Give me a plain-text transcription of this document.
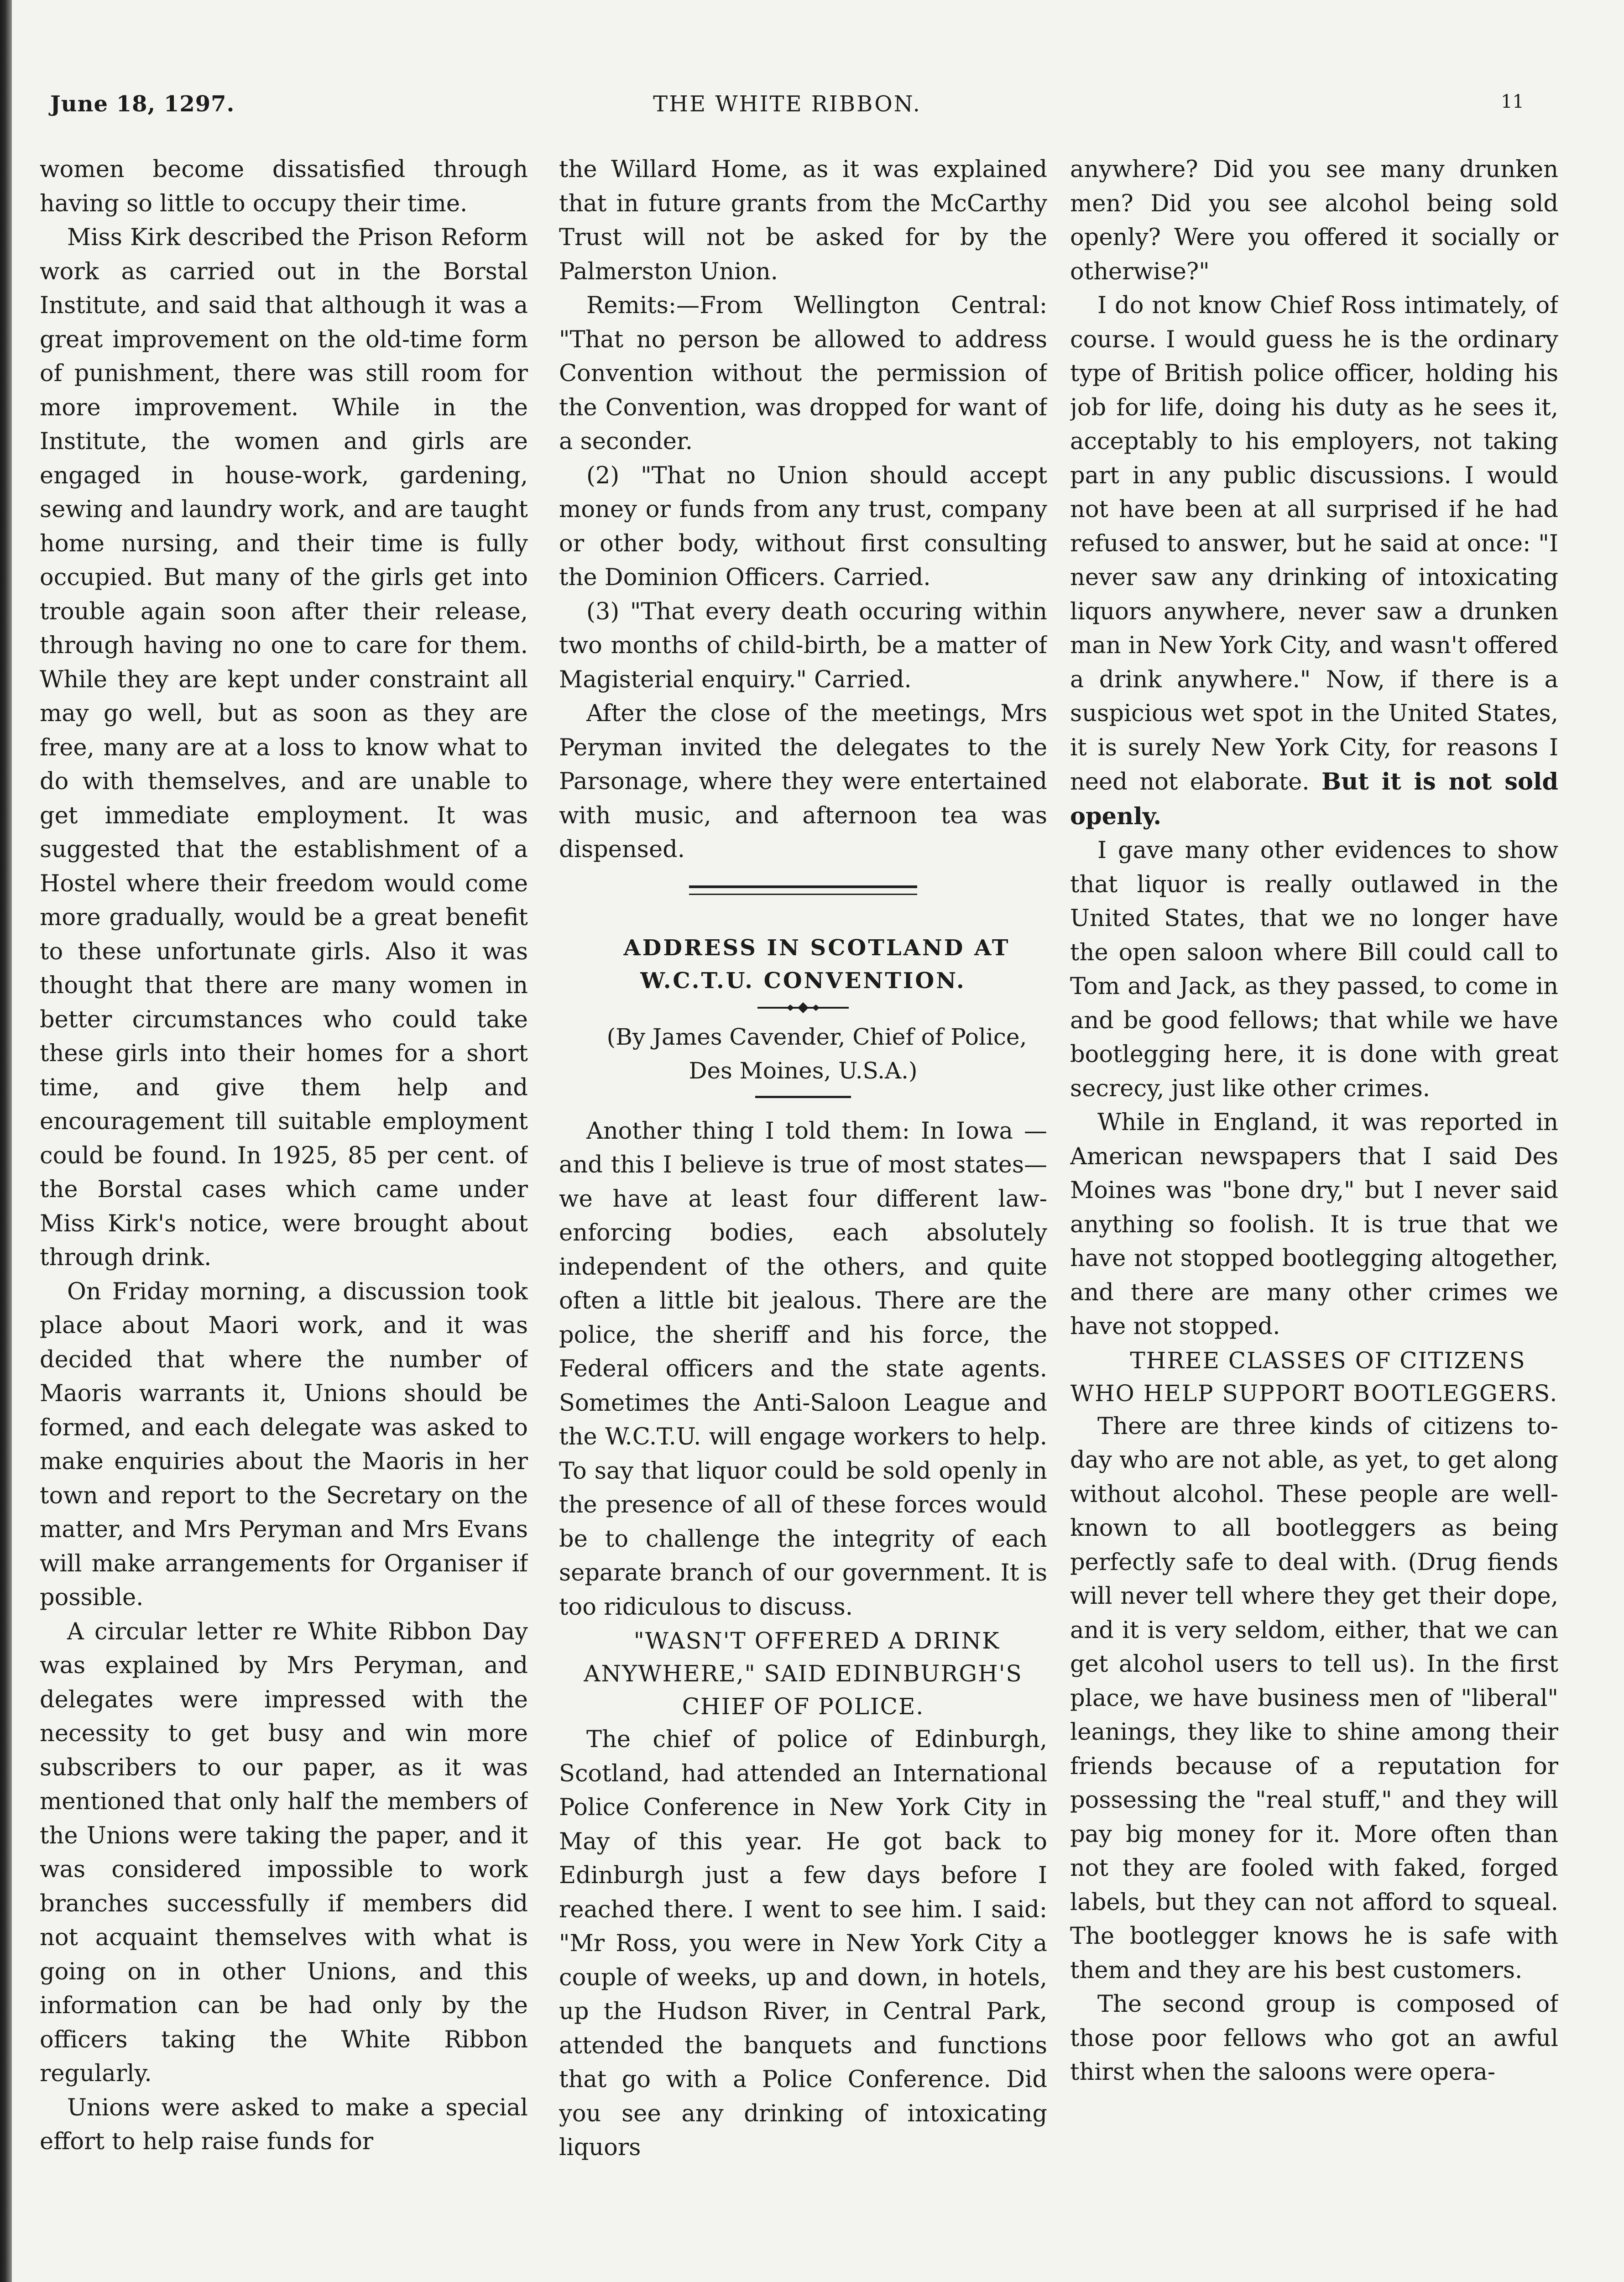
June 18, 1297.	THE WHITE RIBBON.	11

women become dissatisfied through having so little to occupy their time.

Miss Kirk described the Prison Reform work as carried out in the Borstal Institute, and said that although it was a great improvement on the old-time form of punishment, there was still room for more improvement. While in the Institute, the women and girls are engaged in house-work, gardening, sewing and laundry work, and are taught home nursing, and their time is fully occupied. But many of the girls get into trouble again soon after their release, through having no one to care for them. While they are kept under constraint all may go well, but as soon as they are free, many are at a loss to know what to do with themselves, and are unable to get immediate employment. It was suggested that the establishment of a Hostel where their freedom would come more gradually, would be a great benefit to these unfortunate girls. Also it was thought that there are many women in better circumstances who could take these girls into their homes for a short time, and give them help and encouragement till suitable employment could be found. In 1925, 85 per cent. of the Borstal cases which came under Miss Kirk's notice, were brought about through drink.

On Friday morning, a discussion took place about Maori work, and it was decided that where the number of Maoris warrants it, Unions should be formed, and each delegate was asked to make enquiries about the Maoris in her town and report to the Secretary on the matter, and Mrs Peryman and Mrs Evans will make arrangements for Organiser if possible.

A circular letter re White Ribbon Day was explained by Mrs Peryman, and delegates were impressed with the necessity to get busy and win more subscribers to our paper, as it was mentioned that only half the members of the Unions were taking the paper, and it was considered impossible to work branches successfully if members did not acquaint themselves with what is going on in other Unions, and this information can be had only by the officers taking the White Ribbon regularly.

Unions were asked to make a special effort to help raise funds for

the Willard Home, as it was explained that in future grants from the McCarthy Trust will not be asked for by the Palmerston Union.

Remits:—From Wellington Central: "That no person be allowed to address Convention without the permission of the Convention, was dropped for want of a seconder.

(2) "That no Union should accept money or funds from any trust, company or other body, without first consulting the Dominion Officers. Carried.

(3) "That every death occuring within two months of child-birth, be a matter of Magisterial enquiry." Carried.

After the close of the meetings, Mrs Peryman invited the delegates to the Parsonage, where they were entertained with music, and afternoon tea was dispensed.

ADDRESS IN SCOTLAND AT W.C.T.U. CONVENTION.

(By James Cavender, Chief of Police, Des Moines, U.S.A.)

Another thing I told them: In Iowa —and this I believe is true of most states—we have at least four different law-enforcing bodies, each absolutely independent of the others, and quite often a little bit jealous. There are the police, the sheriff and his force, the Federal officers and the state agents. Sometimes the Anti-Saloon League and the W.C.T.U. will engage workers to help. To say that liquor could be sold openly in the presence of all of these forces would be to challenge the integrity of each separate branch of our government. It is too ridiculous to discuss.

"WASN'T OFFERED A DRINK ANYWHERE," SAID EDINBURGH'S CHIEF OF POLICE.

The chief of police of Edinburgh, Scotland, had attended an International Police Conference in New York City in May of this year. He got back to Edinburgh just a few days before I reached there. I went to see him. I said: "Mr Ross, you were in New York City a couple of weeks, up and down, in hotels, up the Hudson River, in Central Park, attended the banquets and functions that go with a Police Conference. Did you see any drinking of intoxicating liquors

anywhere? Did you see many drunken men? Did you see alcohol being sold openly? Were you offered it socially or otherwise?"

I do not know Chief Ross intimately, of course. I would guess he is the ordinary type of British police officer, holding his job for life, doing his duty as he sees it, acceptably to his employers, not taking part in any public discussions. I would not have been at all surprised if he had refused to answer, but he said at once: "I never saw any drinking of intoxicating liquors anywhere, never saw a drunken man in New York City, and wasn't offered a drink anywhere." Now, if there is a suspicious wet spot in the United States, it is surely New York City, for reasons I need not elaborate. But it is not sold openly.

I gave many other evidences to show that liquor is really outlawed in the United States, that we no longer have the open saloon where Bill could call to Tom and Jack, as they passed, to come in and be good fellows; that while we have bootlegging here, it is done with great secrecy, just like other crimes.

While in England, it was reported in American newspapers that I said Des Moines was "bone dry," but I never said anything so foolish. It is true that we have not stopped bootlegging altogether, and there are many other crimes we have not stopped.

THREE CLASSES OF CITIZENS WHO HELP SUPPORT BOOTLEGGERS.

There are three kinds of citizens to-day who are not able, as yet, to get along without alcohol. These people are well-known to all bootleggers as being perfectly safe to deal with. (Drug fiends will never tell where they get their dope, and it is very seldom, either, that we can get alcohol users to tell us). In the first place, we have business men of "liberal" leanings, they like to shine among their friends because of a reputation for possessing the "real stuff," and they will pay big money for it. More often than not they are fooled with faked, forged labels, but they can not afford to squeal. The bootlegger knows he is safe with them and they are his best customers.

The second group is composed of those poor fellows who got an awful thirst when the saloons were opera-
